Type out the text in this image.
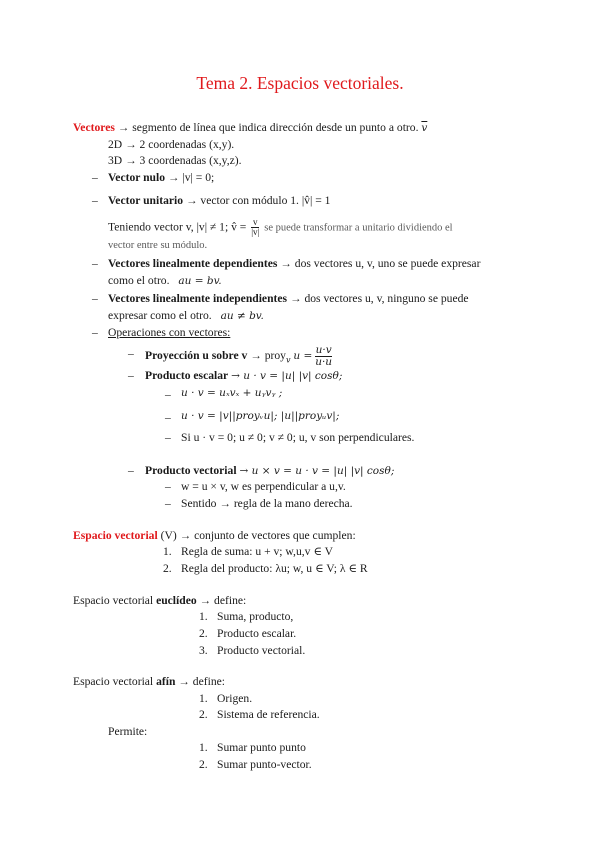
Tema 2. Espacios vectoriales.
Vectores → segmento de línea que indica dirección desde un punto a otro. $\overline{v}$
2D → 2 coordenadas (x,y).
3D → 3 coordenadas (x,y,z).
– Vector nulo → |v| = 0;
– Vector unitario → vector con módulo 1. |v̂| = 1
Teniendo vector v, |v| ≠ 1; v̂ = $\frac{v}{|v|}$ se puede transformar a unitario dividiendo el
vector entre su módulo.
– Vectores linealmente dependientes → dos vectores u, v, uno se puede expresar
como el otro. au = bv.
– Vectores linealmente independientes → dos vectores u, v, ninguno se puede
expresar como el otro. au ≠ bv.
– Operaciones con vectores:
– Proyección u sobre v → proy$_v$ $u = \frac{u\cdot v}{u\cdot u}$
– Producto escalar → u · v = |u| |v| cosθ;
– u · v = uₓvₓ + uᵧvᵧ ;
– u · v = |v||proyᵥu|; |u||proyᵤv|;
– Si u · v = 0; u ≠ 0; v ≠ 0; u, v son perpendiculares.
– Producto vectorial → u × v = u · v = |u| |v| cosθ;
– w = u × v, w es perpendicular a u,v.
– Sentido → regla de la mano derecha.
Espacio vectorial (V) → conjunto de vectores que cumplen:
1. Regla de suma: u + v; w,u,v ∈ V
2. Regla del producto: λu; w, u ∈ V; λ ∈ R
Espacio vectorial euclídeo → define:
1. Suma, producto,
2. Producto escalar.
3. Producto vectorial.
Espacio vectorial afín → define:
1. Origen.
2. Sistema de referencia.
Permite:
1. Sumar punto punto
2. Sumar punto-vector.
